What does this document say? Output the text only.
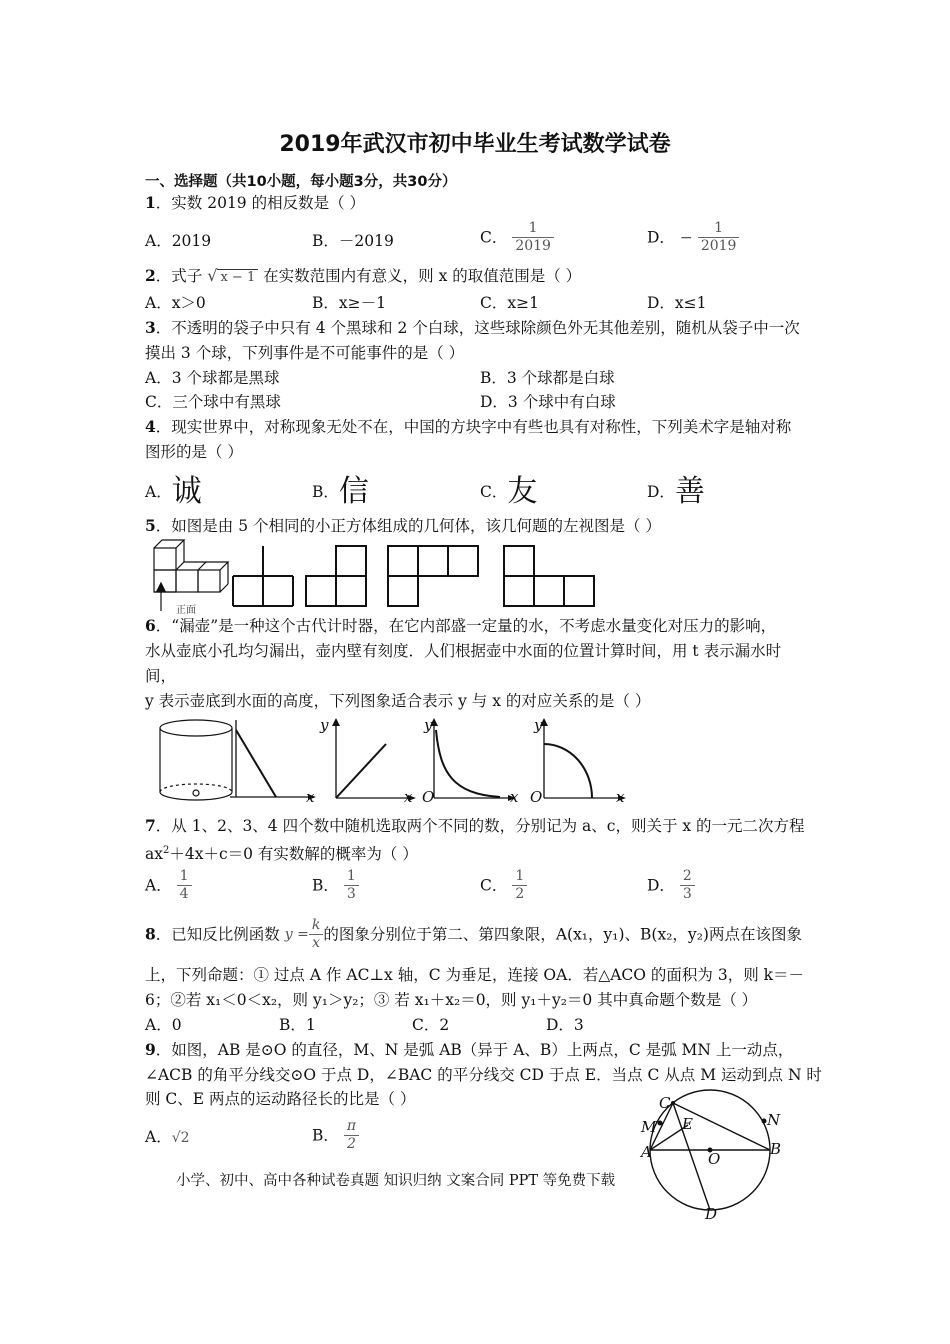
2019年武汉市初中毕业生考试数学试卷
一、选择题（共10小题，每小题3分，共30分）
1．实数 2019 的相反数是（ ）
A．2019	B．－2019	C． $\frac{1}{2019}$	D． − $\frac{1}{2019}$
2．式子 √ x − 1 在实数范围内有意义，则 x 的取值范围是（ ）
A．x＞0	B．x≥－1	C．x≥1	D．x≤1
3．不透明的袋子中只有 4 个黑球和 2 个白球，这些球除颜色外无其他差别，随机从袋子中一次
摸出 3 个球，下列事件是不可能事件的是（ ）
A．3 个球都是黑球	B．3 个球都是白球
C．三个球中有黑球	D．3 个球中有白球
4．现实世界中，对称现象无处不在，中国的方块字中有些也具有对称性，下列美术字是轴对称
图形的是（ ）
A．诚	B．信	C．友	D．善
5．如图是由 5 个相同的小正方体组成的几何体，该几何题的左视图是（ ）
正面
6．“漏壶”是一种这个古代计时器，在它内部盛一定量的水，不考虑水量变化对压力的影响，
水从壶底小孔均匀漏出，壶内壁有刻度．人们根据壶中水面的位置计算时间，用 t 表示漏水时
间，
y 表示壶底到水面的高度，下列图象适合表示 y 与 x 的对应关系的是（ ）
x
y
x
y
O	x
y
O	x
7．从 1、2、3、4 四个数中随机选取两个不同的数，分别记为 a、c，则关于 x 的一元二次方程
$ax^2+4x+c=0$ 有实数解的概率为（ ）
A． $\frac{1}{4}$	B． $\frac{1}{3}$	C． $\frac{1}{2}$	D． $\frac{2}{3}$
8．已知反比例函数 $y = \frac{k}{x}$ 的图象分别位于第二、第四象限，A(x₁，y₁)、B(x₂，y₂)两点在该图象
上，下列命题：① 过点 A 作 AC⊥x 轴，C 为垂足，连接 OA．若△ACO 的面积为 3，则 k＝－
6；②若 x₁＜0＜x₂，则 y₁＞y₂；③ 若 x₁＋x₂＝0，则 y₁＋y₂＝0 其中真命题个数是（ ）
A．0	B．1	C．2	D．3
9．如图，AB 是⊙O 的直径，M、N 是弧 AB（异于 A、B）上两点，C 是弧 MN 上一动点，
∠ACB 的角平分线交⊙O 于点 D，∠BAC 的平分线交 CD 于点 E．当点 C 从点 M 运动到点 N 时
则 C、E 两点的运动路径长的比是（ ）
A．√2	B． $\frac{\pi}{2}$
C
M E	N
A	O
B
D
小学、初中、高中各种试卷真题 知识归纳 文案合同 PPT 等免费下载
